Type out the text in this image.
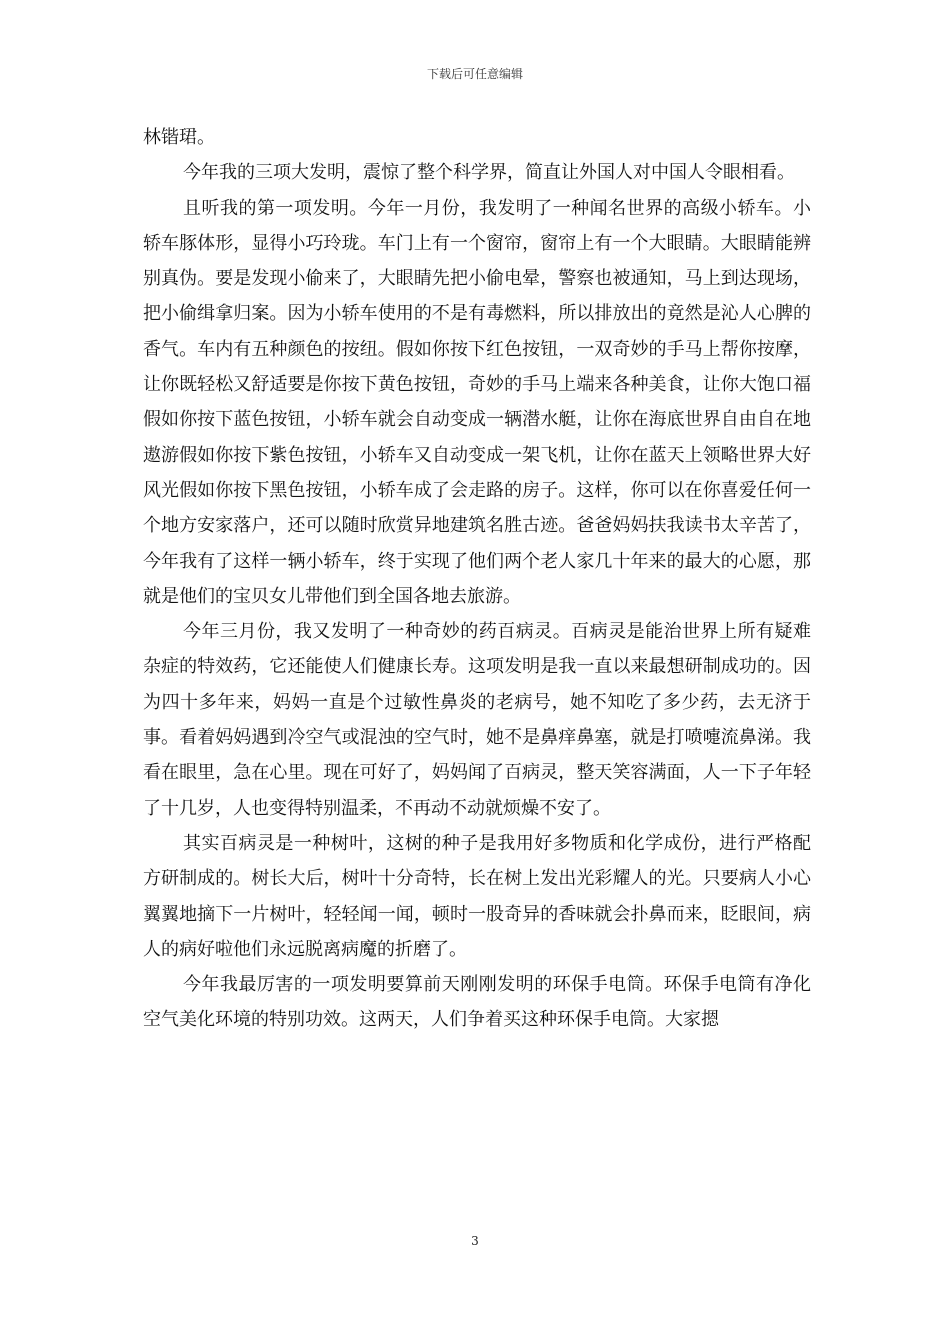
下载后可任意编辑

林锴珺。

今年我的三项大发明，震惊了整个科学界，简直让外国人对中国人令眼相看。

且听我的第一项发明。今年一月份，我发明了一种闻名世界的高级小轿车。小轿车豚体形，显得小巧玲珑。车门上有一个窗帘，窗帘上有一个大眼睛。大眼睛能辨别真伪。要是发现小偷来了，大眼睛先把小偷电晕，警察也被通知，马上到达现场，把小偷缉拿归案。因为小轿车使用的不是有毒燃料，所以排放出的竟然是沁人心脾的香气。车内有五种颜色的按纽。假如你按下红色按钮，一双奇妙的手马上帮你按摩，让你既轻松又舒适要是你按下黄色按钮，奇妙的手马上端来各种美食，让你大饱口福假如你按下蓝色按钮，小轿车就会自动变成一辆潜水艇，让你在海底世界自由自在地遨游假如你按下紫色按钮，小轿车又自动变成一架飞机，让你在蓝天上领略世界大好风光假如你按下黑色按钮，小轿车成了会走路的房子。这样，你可以在你喜爱任何一个地方安家落户，还可以随时欣赏异地建筑名胜古迹。爸爸妈妈扶我读书太辛苦了，今年我有了这样一辆小轿车，终于实现了他们两个老人家几十年来的最大的心愿，那就是他们的宝贝女儿带他们到全国各地去旅游。

今年三月份，我又发明了一种奇妙的药百病灵。百病灵是能治世界上所有疑难杂症的特效药，它还能使人们健康长寿。这项发明是我一直以来最想研制成功的。因为四十多年来，妈妈一直是个过敏性鼻炎的老病号，她不知吃了多少药，去无济于事。看着妈妈遇到冷空气或混浊的空气时，她不是鼻痒鼻塞，就是打喷嚏流鼻涕。我看在眼里，急在心里。现在可好了，妈妈闻了百病灵，整天笑容满面，人一下子年轻了十几岁，人也变得特别温柔，不再动不动就烦燥不安了。

其实百病灵是一种树叶，这树的种子是我用好多物质和化学成份，进行严格配方研制成的。树长大后，树叶十分奇特，长在树上发出光彩耀人的光。只要病人小心翼翼地摘下一片树叶，轻轻闻一闻，顿时一股奇异的香味就会扑鼻而来，眨眼间，病人的病好啦他们永远脱离病魔的折磨了。

今年我最厉害的一项发明要算前天刚刚发明的环保手电筒。环保手电筒有净化空气美化环境的特别功效。这两天，人们争着买这种环保手电筒。大家摁

3
